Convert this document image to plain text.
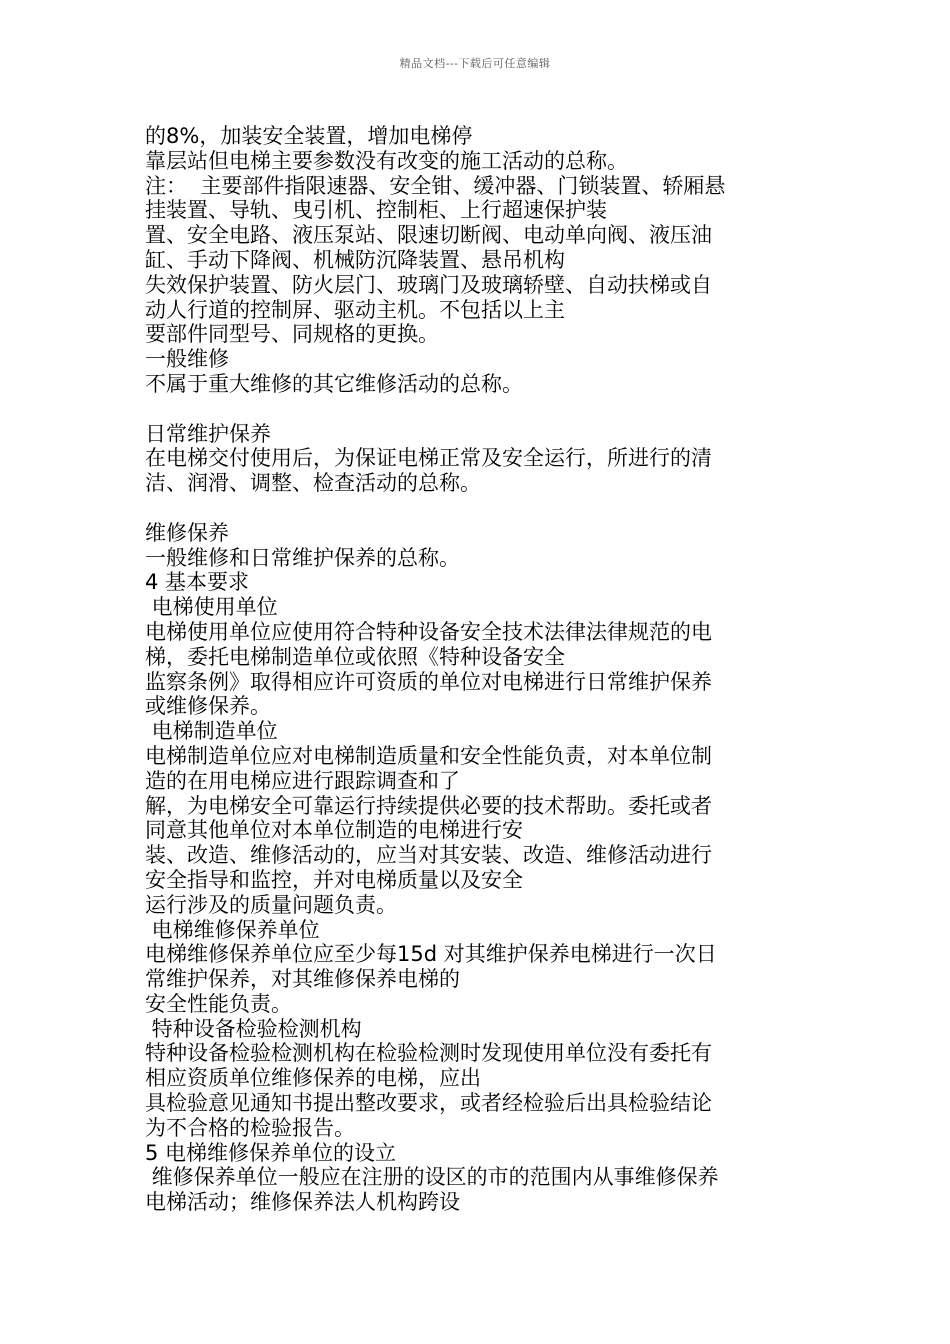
精品文档---下载后可任意编辑
的8%，加装安全装置，增加电梯停
靠层站但电梯主要参数没有改变的施工活动的总称。
注：  主要部件指限速器、安全钳、缓冲器、门锁装置、轿厢悬
挂装置、导轨、曳引机、控制柜、上行超速保护装
置、安全电路、液压泵站、限速切断阀、电动单向阀、液压油
缸、手动下降阀、机械防沉降装置、悬吊机构
失效保护装置、防火层门、玻璃门及玻璃轿壁、自动扶梯或自
动人行道的控制屏、驱动主机。不包括以上主
要部件同型号、同规格的更换。
一般维修
不属于重大维修的其它维修活动的总称。
日常维护保养
在电梯交付使用后，为保证电梯正常及安全运行，所进行的清
洁、润滑、调整、检查活动的总称。
维修保养
一般维修和日常维护保养的总称。
4 基本要求
电梯使用单位
电梯使用单位应使用符合特种设备安全技术法律法律规范的电
梯，委托电梯制造单位或依照《特种设备安全
监察条例》取得相应许可资质的单位对电梯进行日常维护保养
或维修保养。
电梯制造单位
电梯制造单位应对电梯制造质量和安全性能负责，对本单位制
造的在用电梯应进行跟踪调查和了
解，为电梯安全可靠运行持续提供必要的技术帮助。委托或者
同意其他单位对本单位制造的电梯进行安
装、改造、维修活动的，应当对其安装、改造、维修活动进行
安全指导和监控，并对电梯质量以及安全
运行涉及的质量问题负责。
电梯维修保养单位
电梯维修保养单位应至少每15d 对其维护保养电梯进行一次日
常维护保养，对其维修保养电梯的
安全性能负责。
特种设备检验检测机构
特种设备检验检测机构在检验检测时发现使用单位没有委托有
相应资质单位维修保养的电梯，应出
具检验意见通知书提出整改要求，或者经检验后出具检验结论
为不合格的检验报告。
5 电梯维修保养单位的设立
维修保养单位一般应在注册的设区的市的范围内从事维修保养
电梯活动；维修保养法人机构跨设
